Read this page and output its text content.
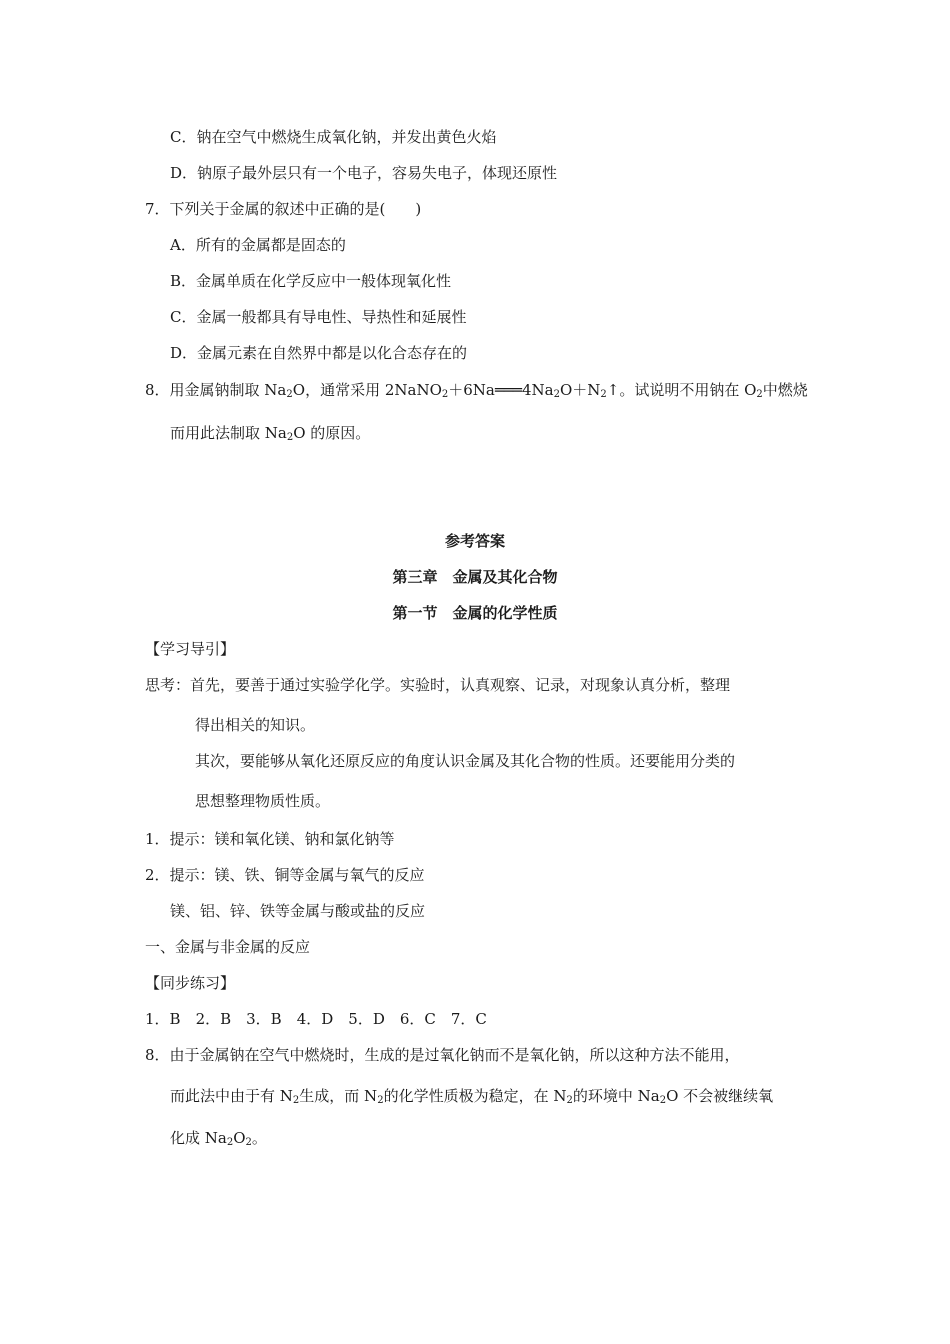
C．钠在空气中燃烧生成氧化钠，并发出黄色火焰
D．钠原子最外层只有一个电子，容易失电子，体现还原性
7．下列关于金属的叙述中正确的是(　　)
A．所有的金属都是固态的
B．金属单质在化学反应中一般体现氧化性
C．金属一般都具有导电性、导热性和延展性
D．金属元素在自然界中都是以化合态存在的
8．用金属钠制取 $Na_2O$，通常采用 $2NaNO_2+6Na═══4Na_2O+N_2↑$。试说明不用钠在 $O_2$中燃烧
而用此法制取 $Na_2O$ 的原因。
参考答案
第三章　金属及其化合物
第一节　金属的化学性质
【学习导引】
思考：首先，要善于通过实验学化学。实验时，认真观察、记录，对现象认真分析，整理
得出相关的知识。
其次，要能够从氧化还原反应的角度认识金属及其化合物的性质。还要能用分类的
思想整理物质性质。
1．提示：镁和氧化镁、钠和氯化钠等
2．提示：镁、铁、铜等金属与氧气的反应
镁、铝、锌、铁等金属与酸或盐的反应
一、金属与非金属的反应
【同步练习】
1．B　2．B　3．B　4．D　5．D　6．C　7．C
8．由于金属钠在空气中燃烧时，生成的是过氧化钠而不是氧化钠，所以这种方法不能用，
而此法中由于有 $N_2$生成，而 $N_2$的化学性质极为稳定，在 $N_2$的环境中 $Na_2O$ 不会被继续氧
化成 $Na_2O_2$。
